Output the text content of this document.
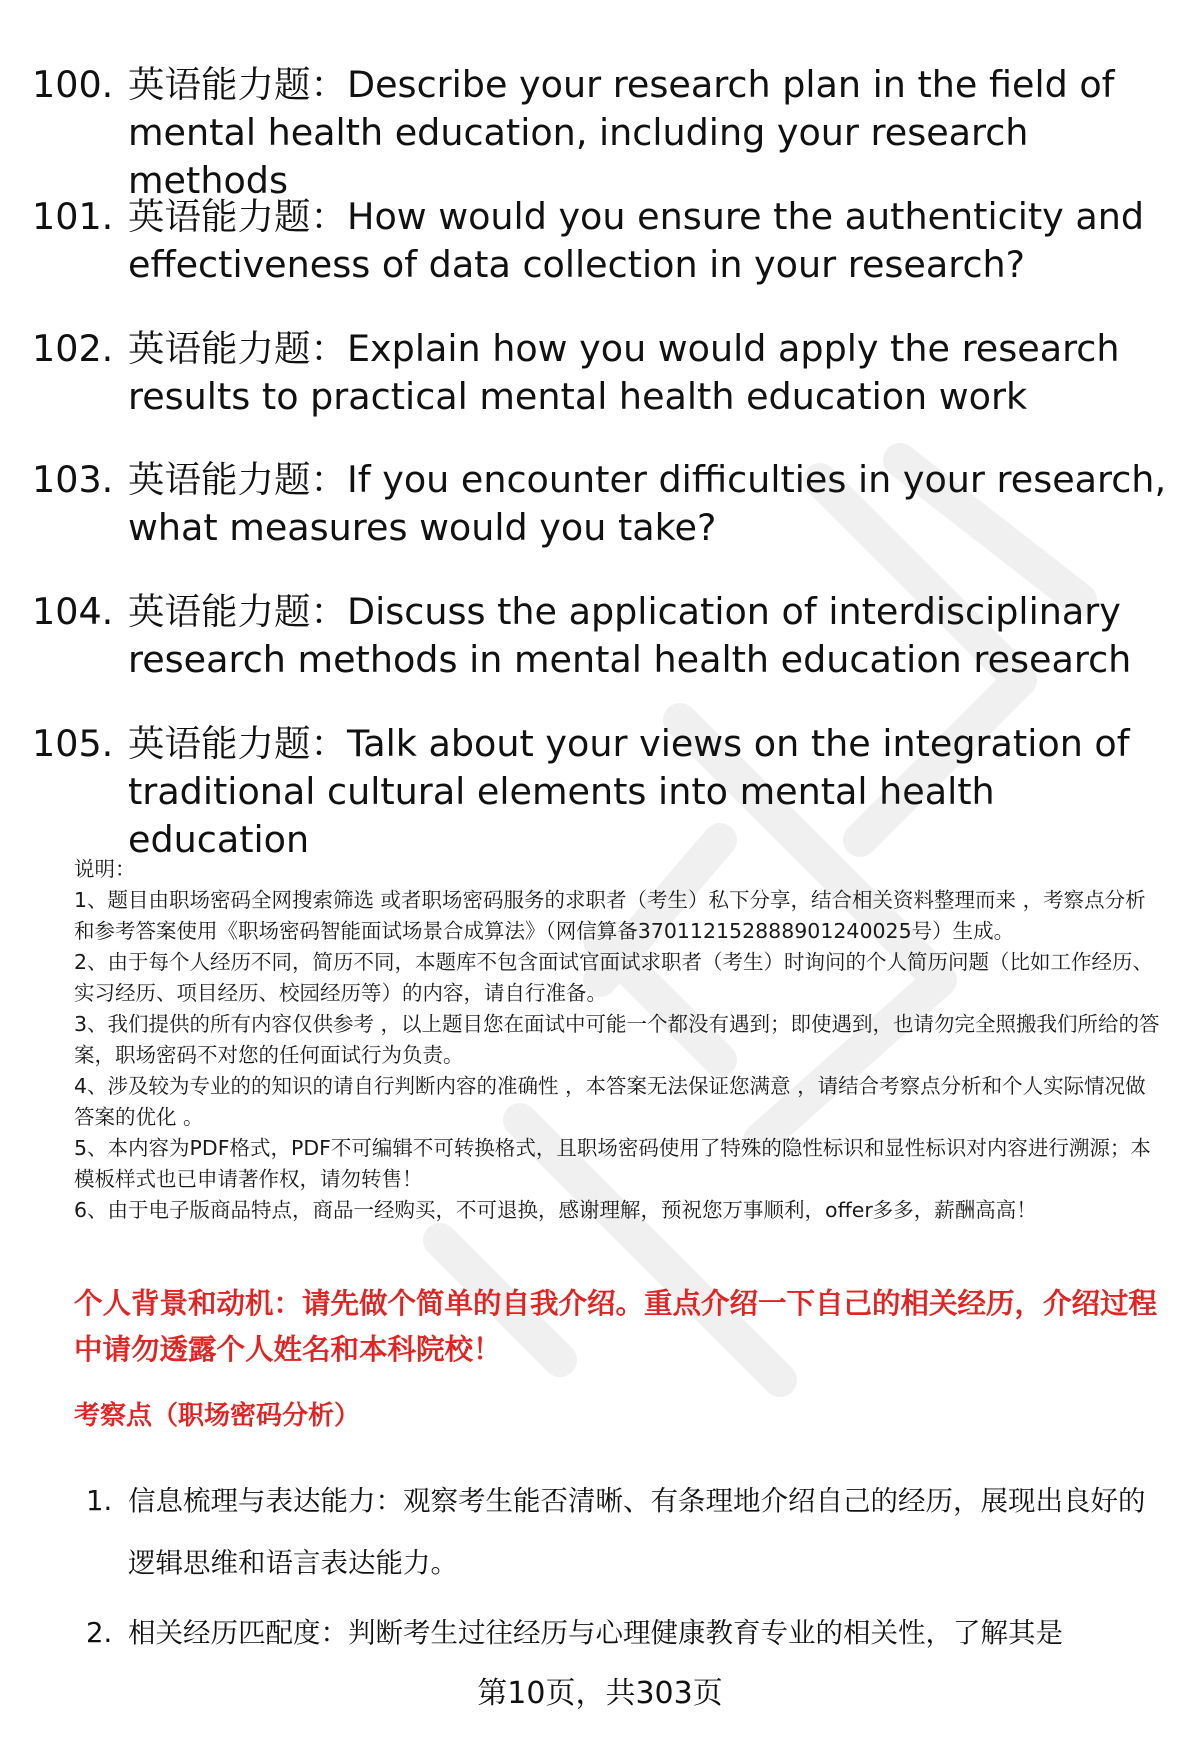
100. 英语能力题：Describe your research plan in the field of mental health education, including your research methods
101. 英语能力题：How would you ensure the authenticity and effectiveness of data collection in your research?
102. 英语能力题：Explain how you would apply the research results to practical mental health education work
103. 英语能力题：If you encounter difficulties in your research, what measures would you take?
104. 英语能力题：Discuss the application of interdisciplinary research methods in mental health education research
105. 英语能力题：Talk about your views on the integration of traditional cultural elements into mental health education
说明：
1、题目由职场密码全网搜索筛选 或者职场密码服务的求职者（考生）私下分享，结合相关资料整理而来 ，考察点分析和参考答案使用《职场密码智能面试场景合成算法》（网信算备370112152888901240025号）生成。
2、由于每个人经历不同，简历不同，本题库不包含面试官面试求职者（考生）时询问的个人简历问题（比如工作经历、实习经历、项目经历、校园经历等）的内容，请自行准备。
3、我们提供的所有内容仅供参考 ，以上题目您在面试中可能一个都没有遇到；即使遇到，也请勿完全照搬我们所给的答案，职场密码不对您的任何面试行为负责。
4、涉及较为专业的的知识的请自行判断内容的准确性 ，本答案无法保证您满意 ，请结合考察点分析和个人实际情况做答案的优化 。
5、本内容为PDF格式，PDF不可编辑不可转换格式，且职场密码使用了特殊的隐性标识和显性标识对内容进行溯源；本模板样式也已申请著作权，请勿转售！
6、由于电子版商品特点，商品一经购买，不可退换，感谢理解，预祝您万事顺利，offer多多，薪酬高高！
个人背景和动机：请先做个简单的自我介绍。重点介绍一下自己的相关经历，介绍过程中请勿透露个人姓名和本科院校！
考察点（职场密码分析）
1. 信息梳理与表达能力：观察考生能否清晰、有条理地介绍自己的经历，展现出良好的逻辑思维和语言表达能力。
2. 相关经历匹配度：判断考生过往经历与心理健康教育专业的相关性，了解其是
第10页，共303页
